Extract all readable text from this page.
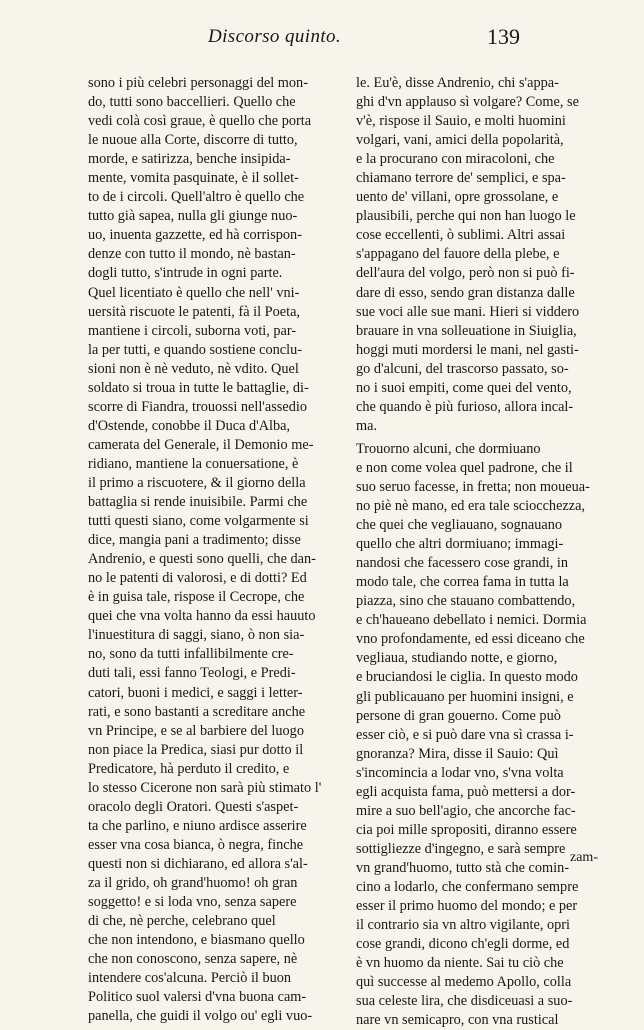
Discorso quinto.	139
sono i più celebri personaggi del mon-
do, tutti sono baccellieri. Quello che
vedi colà così graue, è quello che porta
le nuoue alla Corte, discorre di tutto,
morde, e satirizza, benche insipida-
mente, vomita pasquinate, è il sollet-
to de i circoli. Quell'altro è quello che
tutto già sapea, nulla gli giunge nuo-
uo, inuenta gazzette, ed hà corrispon-
denze con tutto il mondo, nè bastan-
dogli tutto, s'intrude in ogni parte.
Quel licentiato è quello che nell' vni-
uersità riscuote le patenti, fà il Poeta,
mantiene i circoli, suborna voti, par-
la per tutti, e quando sostiene conclu-
sioni non è nè veduto, nè vdito. Quel
soldato si troua in tutte le battaglie, di-
scorre di Fiandra, trouossi nell'assedio
d'Ostende, conobbe il Duca d'Alba,
camerata del Generale, il Demonio me-
ridiano, mantiene la conuersatione, è
il primo a riscuotere, & il giorno della
battaglia si rende inuisibile. Parmi che
tutti questi siano, come volgarmente si
dice, mangia pani a tradimento; disse
Andrenio, e questi sono quelli, che dan-
no le patenti di valorosi, e di dotti? Ed
è in guisa tale, rispose il Cecrope, che
quei che vna volta hanno da essi hauuto
l'inuestitura di saggi, siano, ò non sia-
no, sono da tutti infallibilmente cre-
duti tali, essi fanno Teologi, e Predi-
catori, buoni i medici, e saggi i letter-
rati, e sono bastanti a screditare anche
vn Principe, e se al barbiere del luogo
non piace la Predica, siasi pur dotto il
Predicatore, hà perduto il credito, e
lo stesso Cicerone non sarà più stimato l'
oracolo degli Oratori. Questi s'aspet-
ta che parlino, e niuno ardisce asserire
esser vna cosa bianca, ò negra, finche
questi non si dichiarano, ed allora s'al-
za il grido, oh grand'huomo! oh gran
soggetto! e si loda vno, senza sapere
di che, nè perche, celebrano quel
che non intendono, e biasmano quello
che non conoscono, senza sapere, nè
intendere cos'alcuna. Perciò il buon
Politico suol valersi d'vna buona cam-
panella, che guidi il volgo ou' egli vuo-
le. Eu'è, disse Andrenio, chi s'appa-
ghi d'vn applauso sì volgare? Come, se
v'è, rispose il Sauio, e molti huomini
volgari, vani, amici della popolarità,
e la procurano con miracoloni, che
chiamano terrore de' semplici, e spa-
uento de' villani, opre grossolane, e
plausibili, perche qui non han luogo le
cose eccellenti, ò sublimi. Altri assai
s'appagano del fauore della plebe, e
dell'aura del volgo, però non si può fi-
dare di esso, sendo gran distanza dalle
sue voci alle sue mani. Hieri si viddero
brauare in vna solleuatione in Siuiglia,
hoggi muti mordersi le mani, nel gasti-
go d'alcuni, del trascorso passato, so-
no i suoi empiti, come quei del vento,
che quando è più furioso, allora incal-
ma.
Trouorno alcuni, che dormiuano
e non come volea quel padrone, che il
suo seruo facesse, in fretta; non moueua-
no piè nè mano, ed era tale sciocchezza,
che quei che vegliauano, sognauano
quello che altri dormiuano; immagi-
nandosi che facessero cose grandi, in
modo tale, che correa fama in tutta la
piazza, sino che stauano combattendo,
e ch'haueano debellato i nemici. Dormia
vno profondamente, ed essi diceano che
vegliaua, studiando notte, e giorno,
e bruciandosi le ciglia. In questo modo
gli publicauano per huomini insigni, e
persone di gran gouerno. Come può
esser ciò, e si può dare vna sì crassa i-
gnoranza? Mira, disse il Sauio: Quì
s'incomincia a lodar vno, s'vna volta
egli acquista fama, può mettersi a dor-
mire a suo bell'agio, che ancorche fac-
cia poi mille spropositi, diranno essere
sottigliezze d'ingegno, e sarà sempre
vn grand'huomo, tutto stà che comin-
cino a lodarlo, che confermano sempre
esser il primo huomo del mondo; e per
il contrario sia vn altro vigilante, opri
cose grandi, dicono ch'egli dorme, ed
è vn huomo da niente. Sai tu ciò che
quì successe al medemo Apollo, colla
sua celeste lira, che disdiceuasi a suo-
nare vn semicapro, con vna rustical
zam-
